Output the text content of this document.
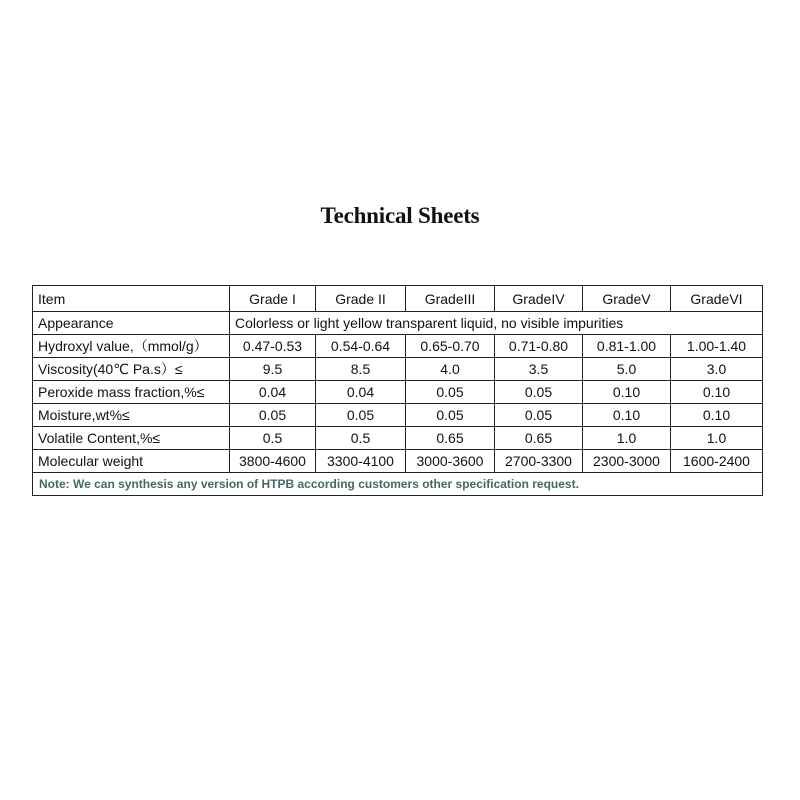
Technical Sheets
Item	Grade I	Grade II	GradeIII	GradeIV	GradeV	GradeVI
Appearance	Colorless or light yellow transparent liquid, no visible impurities					
Hydroxyl value,（mmol/g）	0.47-0.53	0.54-0.64	0.65-0.70	0.71-0.80	0.81-1.00	1.00-1.40
Viscosity(40℃ Pa.s）≤	9.5	8.5	4.0	3.5	5.0	3.0
Peroxide mass fraction,%≤	0.04	0.04	0.05	0.05	0.10	0.10
Moisture,wt%≤	0.05	0.05	0.05	0.05	0.10	0.10
Volatile Content,%≤	0.5	0.5	0.65	0.65	1.0	1.0
Molecular weight	3800-4600	3300-4100	3000-3600	2700-3300	2300-3000	1600-2400
Note: We can synthesis any version of HTPB according customers other specification request.						
